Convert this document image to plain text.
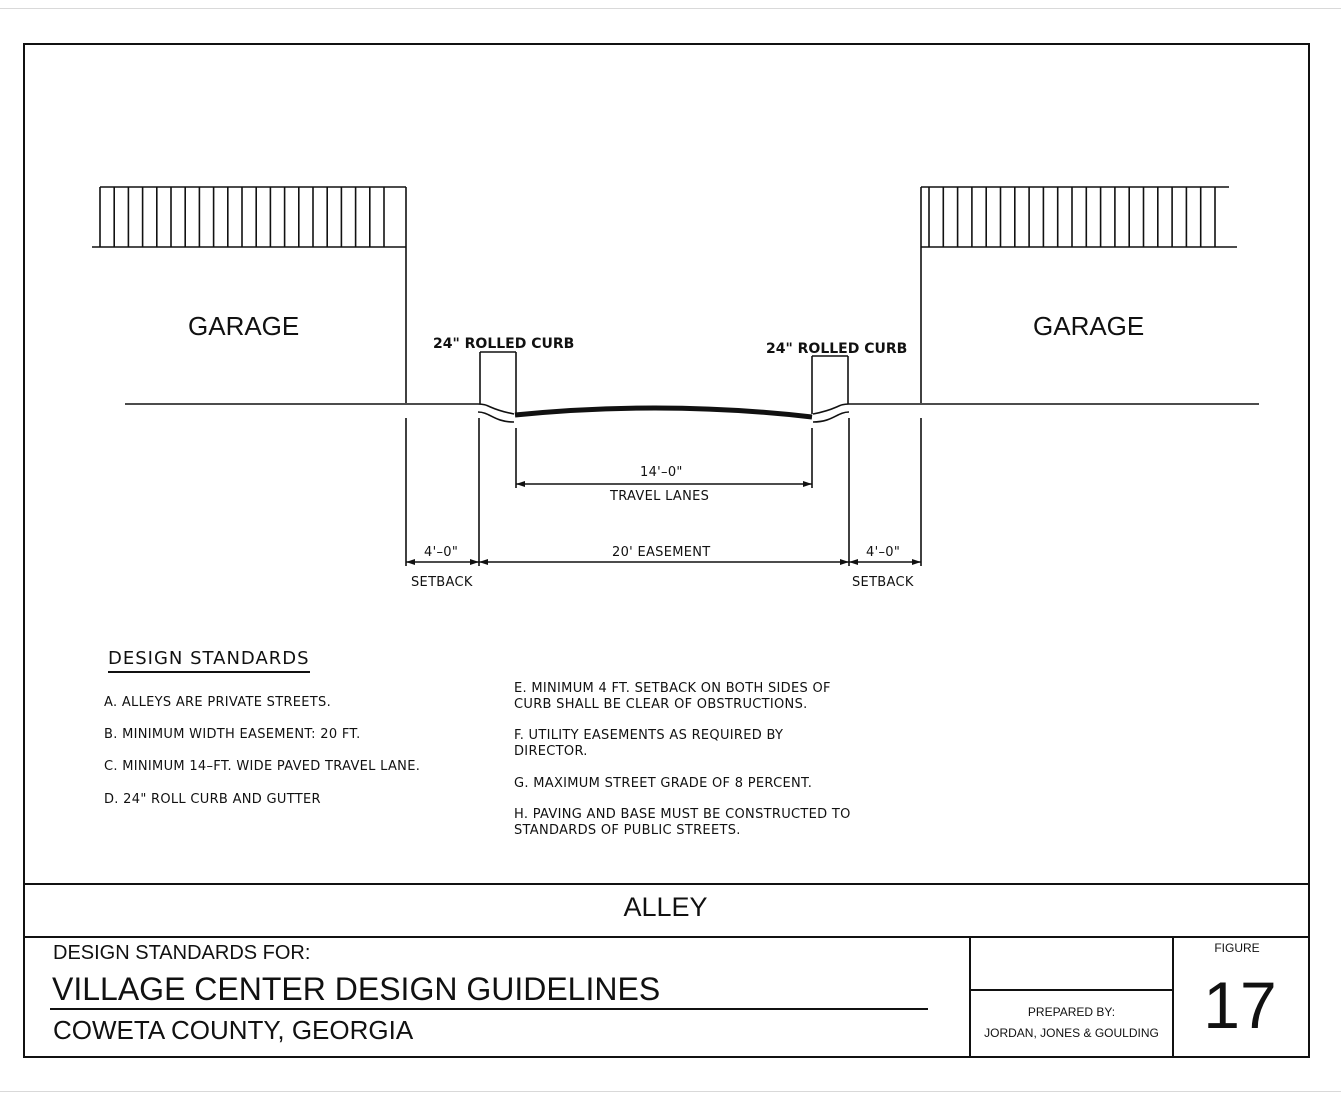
GARAGE	GARAGE
24" ROLLED CURB	24" ROLLED CURB
14'–0"
TRAVEL LANES
4'–0"	20' EASEMENT	4'–0"
SETBACK	SETBACK
DESIGN STANDARDS
A. ALLEYS ARE PRIVATE STREETS.
B. MINIMUM WIDTH EASEMENT: 20 FT.
C. MINIMUM 14–FT. WIDE PAVED TRAVEL LANE.
D. 24" ROLL CURB AND GUTTER
E. MINIMUM 4 FT. SETBACK ON BOTH SIDES OF
CURB SHALL BE CLEAR OF OBSTRUCTIONS.
F. UTILITY EASEMENTS AS REQUIRED BY
DIRECTOR.
G. MAXIMUM STREET GRADE OF 8 PERCENT.
H. PAVING AND BASE MUST BE CONSTRUCTED TO
STANDARDS OF PUBLIC STREETS.
ALLEY
DESIGN STANDARDS FOR:
VILLAGE CENTER DESIGN GUIDELINES
COWETA COUNTY, GEORGIA
PREPARED BY:
JORDAN, JONES & GOULDING
FIGURE
17
